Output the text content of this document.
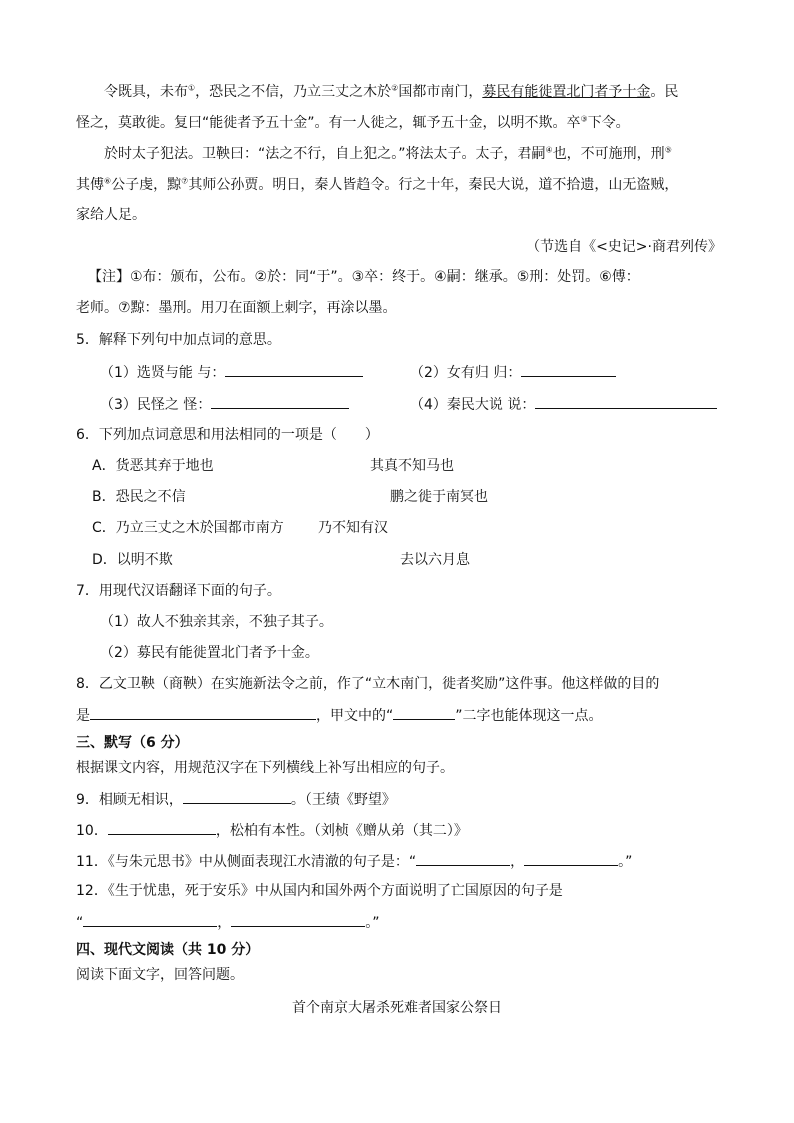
令既具，未布①，恐民之不信，乃立三丈之木於②国都市南门，募民有能徙置北门者予十金。民
怪之，莫敢徙。复曰“能徙者予五十金”。有一人徙之，辄予五十金，以明不欺。卒③下令。
於时太子犯法。卫鞅曰：“法之不行，自上犯之。”将法太子。太子，君嗣④也，不可施刑，刑⑤
其傅⑥公子虔，黥⑦其师公孙贾。明日，秦人皆趋令。行之十年，秦民大说，道不拾遗，山无盗贼，
家给人足。
（节选自《<史记>·商君列传》
【注】①布：颁布，公布。②於：同“于”。③卒：终于。④嗣：继承。⑤刑：处罚。⑥傅：
老师。⑦黥：墨刑。用刀在面额上刺字，再涂以墨。
5．解释下列句中加点词的意思。
（1）选贤与能 与：	（2）女有归 归：
（3）民怪之 怪：	（4）秦民大说 说：
6．下列加点词意思和用法相同的一项是（　　）
A．货恶其弃于地也	其真不知马也
B．恐民之不信	鹏之徙于南冥也
C．乃立三丈之木於国都市南方 乃不知有汉
D．以明不欺	去以六月息
7．用现代汉语翻译下面的句子。
（1）故人不独亲其亲，不独子其子。
（2）募民有能徙置北门者予十金。
8．乙文卫鞅（商鞅）在实施新法令之前，作了“立木南门，徙者奖励”这件事。他这样做的目的
是	，甲文中的“	”二字也能体现这一点。
三、默写（6 分）
根据课文内容，用规范汉字在下列横线上补写出相应的句子。
9．相顾无相识，	。（王绩《野望》
10．	，松柏有本性。（刘桢《赠从弟（其二）》
11．《与朱元思书》中从侧面表现江水清澈的句子是：“	，	。”
12．《生于忧患，死于安乐》中从国内和国外两个方面说明了亡国原因的句子是
“	，	。”
四、现代文阅读（共 10 分）
阅读下面文字，回答问题。
首个南京大屠杀死难者国家公祭日
